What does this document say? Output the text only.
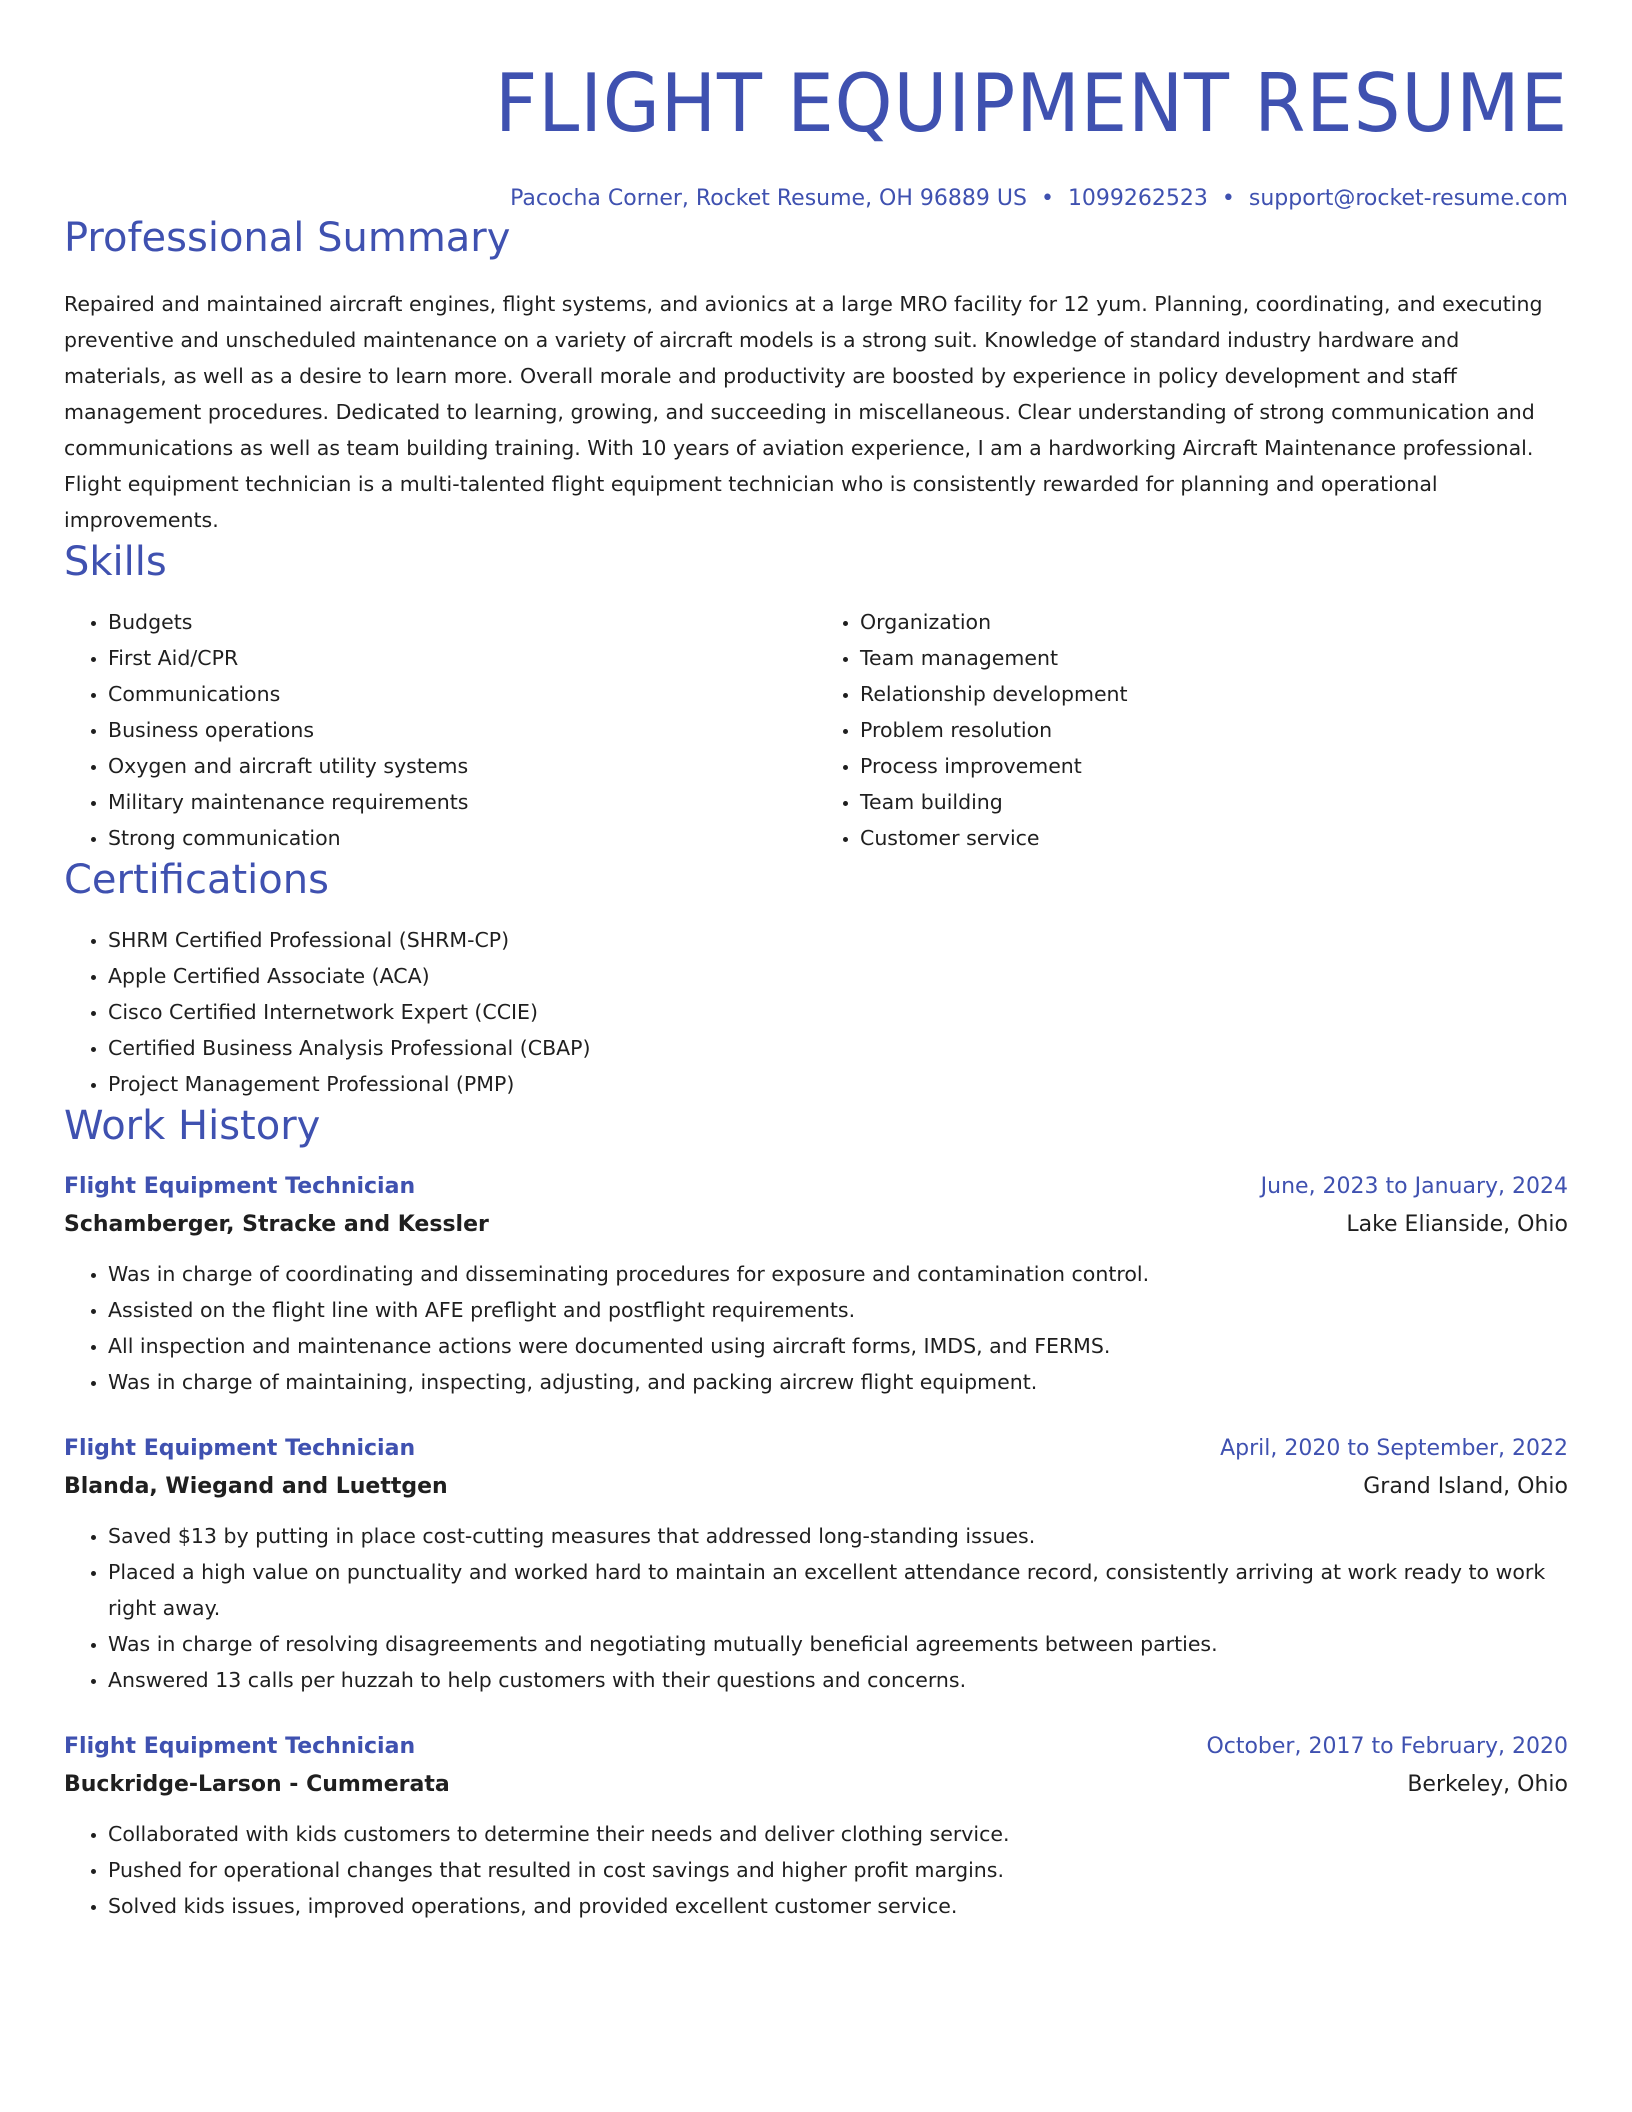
FLIGHT EQUIPMENT RESUME
Pacocha Corner, Rocket Resume, OH 96889 US • 1099262523 • support@rocket-resume.com
Professional Summary
Repaired and maintained aircraft engines, flight systems, and avionics at a large MRO facility for 12 yum. Planning, coordinating, and executing preventive and unscheduled maintenance on a variety of aircraft models is a strong suit. Knowledge of standard industry hardware and materials, as well as a desire to learn more. Overall morale and productivity are boosted by experience in policy development and staff management procedures. Dedicated to learning, growing, and succeeding in miscellaneous. Clear understanding of strong communication and communications as well as team building training. With 10 years of aviation experience, I am a hardworking Aircraft Maintenance professional. Flight equipment technician is a multi-talented flight equipment technician who is consistently rewarded for planning and operational improvements.
Skills
• Budgets
• First Aid/CPR
• Communications
• Business operations
• Oxygen and aircraft utility systems
• Military maintenance requirements
• Strong communication
• Organization
• Team management
• Relationship development
• Problem resolution
• Process improvement
• Team building
• Customer service
Certifications
• SHRM Certified Professional (SHRM-CP)
• Apple Certified Associate (ACA)
• Cisco Certified Internetwork Expert (CCIE)
• Certified Business Analysis Professional (CBAP)
• Project Management Professional (PMP)
Work History
Flight Equipment Technician	June, 2023 to January, 2024
Schamberger, Stracke and Kessler	Lake Elianside, Ohio
• Was in charge of coordinating and disseminating procedures for exposure and contamination control.
• Assisted on the flight line with AFE preflight and postflight requirements.
• All inspection and maintenance actions were documented using aircraft forms, IMDS, and FERMS.
• Was in charge of maintaining, inspecting, adjusting, and packing aircrew flight equipment.
Flight Equipment Technician	April, 2020 to September, 2022
Blanda, Wiegand and Luettgen	Grand Island, Ohio
• Saved $13 by putting in place cost-cutting measures that addressed long-standing issues.
• Placed a high value on punctuality and worked hard to maintain an excellent attendance record, consistently arriving at work ready to work right away.
• Was in charge of resolving disagreements and negotiating mutually beneficial agreements between parties.
• Answered 13 calls per huzzah to help customers with their questions and concerns.
Flight Equipment Technician	October, 2017 to February, 2020
Buckridge-Larson - Cummerata	Berkeley, Ohio
• Collaborated with kids customers to determine their needs and deliver clothing service.
• Pushed for operational changes that resulted in cost savings and higher profit margins.
• Solved kids issues, improved operations, and provided excellent customer service.
